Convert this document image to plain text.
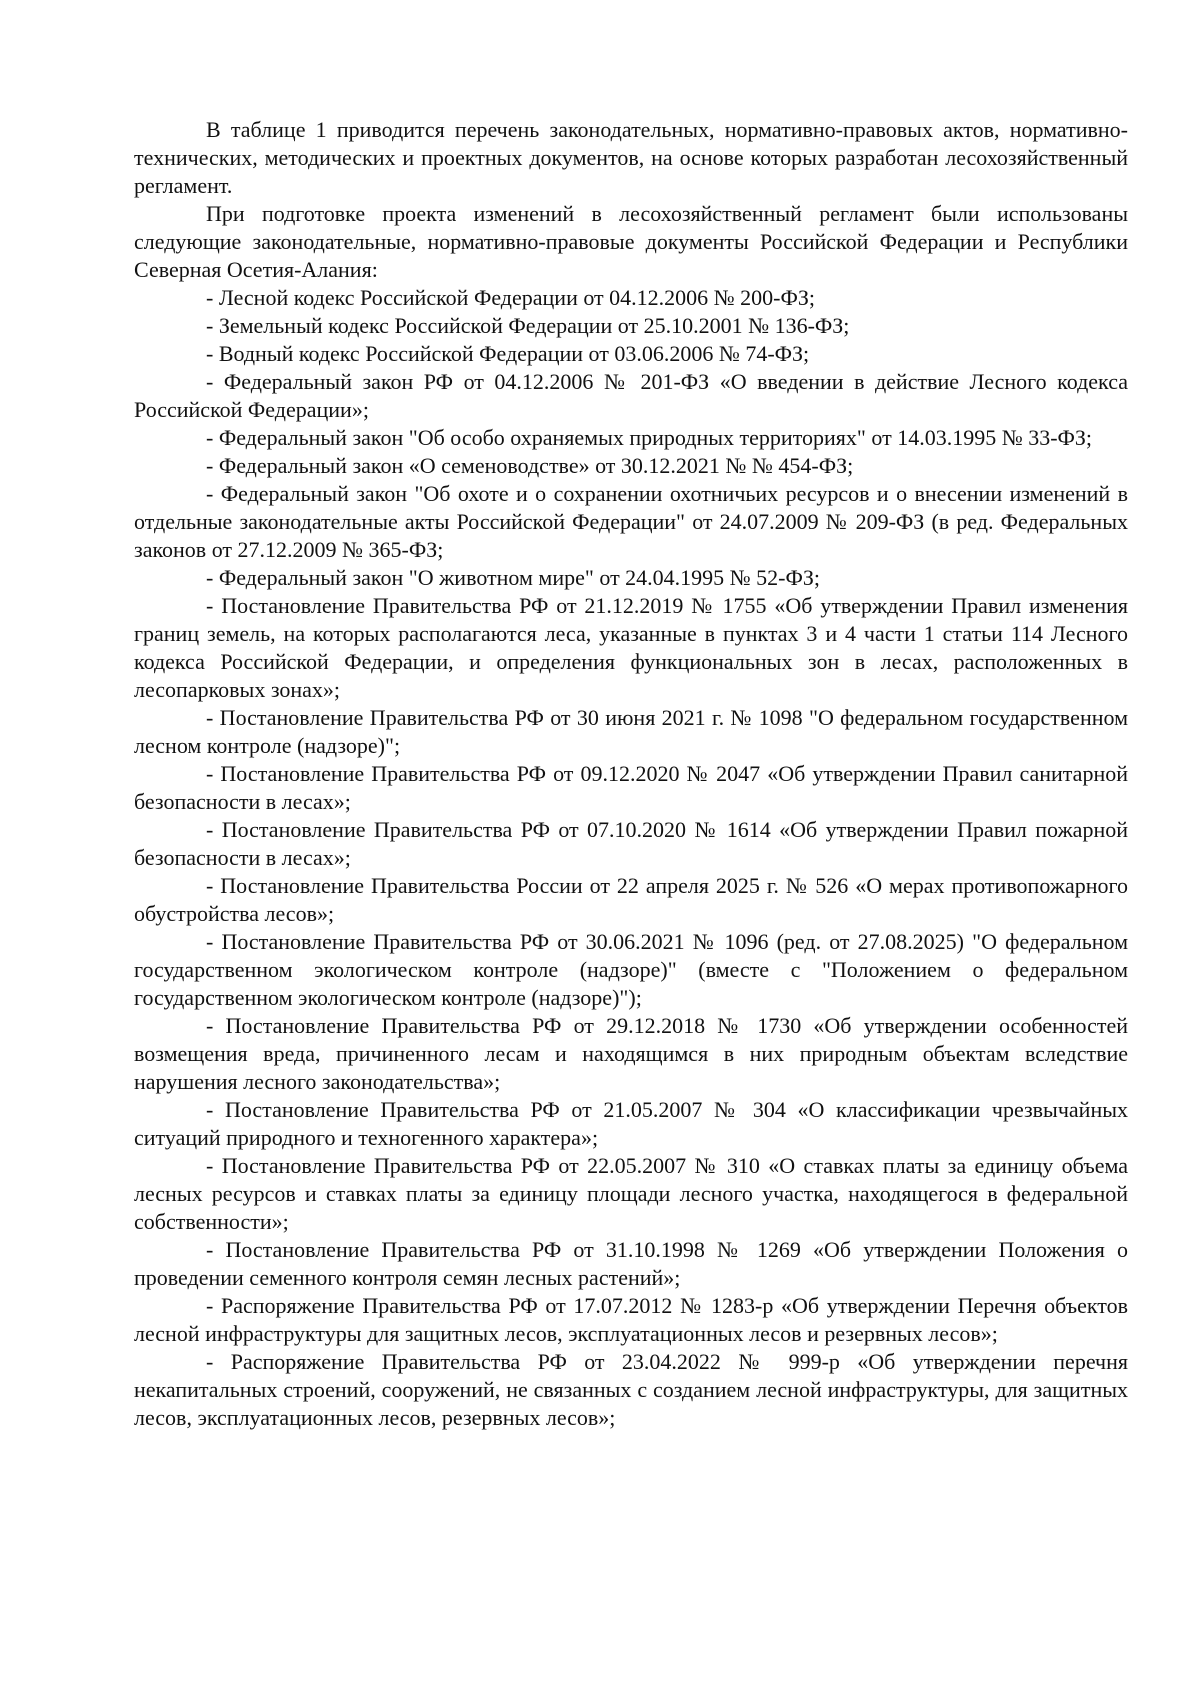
В таблице 1 приводится перечень законодательных, нормативно-правовых актов, нормативно-технических, методических и проектных документов, на основе которых разработан лесохозяйственный регламент.

При подготовке проекта изменений в лесохозяйственный регламент были использованы следующие законодательные, нормативно-правовые документы Российской Федерации и Республики Северная Осетия-Алания:

- Лесной кодекс Российской Федерации от 04.12.2006 № 200-ФЗ;

- Земельный кодекс Российской Федерации от 25.10.2001 № 136-ФЗ;

- Водный кодекс Российской Федерации от 03.06.2006 № 74-ФЗ;

- Федеральный закон РФ от 04.12.2006 № 201-ФЗ «О введении в действие Лесного кодекса Российской Федерации»;

- Федеральный закон "Об особо охраняемых природных территориях" от 14.03.1995 № 33-ФЗ;

- Федеральный закон «О семеноводстве» от 30.12.2021 № № 454-ФЗ;

- Федеральный закон "Об охоте и о сохранении охотничьих ресурсов и о внесении изменений в отдельные законодательные акты Российской Федерации" от 24.07.2009 № 209-ФЗ (в ред. Федеральных законов от 27.12.2009 № 365-ФЗ;

- Федеральный закон "О животном мире" от 24.04.1995 № 52-ФЗ;

- Постановление Правительства РФ от 21.12.2019 № 1755 «Об утверждении Правил изменения границ земель, на которых располагаются леса, указанные в пунктах 3 и 4 части 1 статьи 114 Лесного кодекса Российской Федерации, и определения функциональных зон в лесах, расположенных в лесопарковых зонах»;

- Постановление Правительства РФ от 30 июня 2021 г. № 1098 "О федеральном государственном лесном контроле (надзоре)";

- Постановление Правительства РФ от 09.12.2020 № 2047 «Об утверждении Правил санитарной безопасности в лесах»;

- Постановление Правительства РФ от 07.10.2020 № 1614 «Об утверждении Правил пожарной безопасности в лесах»;

- Постановление Правительства России от 22 апреля 2025 г. № 526 «О мерах противопожарного обустройства лесов»;

- Постановление Правительства РФ от 30.06.2021 № 1096 (ред. от 27.08.2025) "О федеральном государственном экологическом контроле (надзоре)" (вместе с "Положением о федеральном государственном экологическом контроле (надзоре)");

- Постановление Правительства РФ от 29.12.2018 № 1730 «Об утверждении особенностей возмещения вреда, причиненного лесам и находящимся в них природным объектам вследствие нарушения лесного законодательства»;

- Постановление Правительства РФ от 21.05.2007 № 304 «О классификации чрезвычайных ситуаций природного и техногенного характера»;

- Постановление Правительства РФ от 22.05.2007 № 310 «О ставках платы за единицу объема лесных ресурсов и ставках платы за единицу площади лесного участка, находящегося в федеральной собственности»;

- Постановление Правительства РФ от 31.10.1998 № 1269 «Об утверждении Положения о проведении семенного контроля семян лесных растений»;

- Распоряжение Правительства РФ от 17.07.2012 № 1283-р «Об утверждении Перечня объектов лесной инфраструктуры для защитных лесов, эксплуатационных лесов и резервных лесов»;

- Распоряжение Правительства РФ от 23.04.2022 № 999-р «Об утверждении перечня некапитальных строений, сооружений, не связанных с созданием лесной инфраструктуры, для защитных лесов, эксплуатационных лесов, резервных лесов»;
